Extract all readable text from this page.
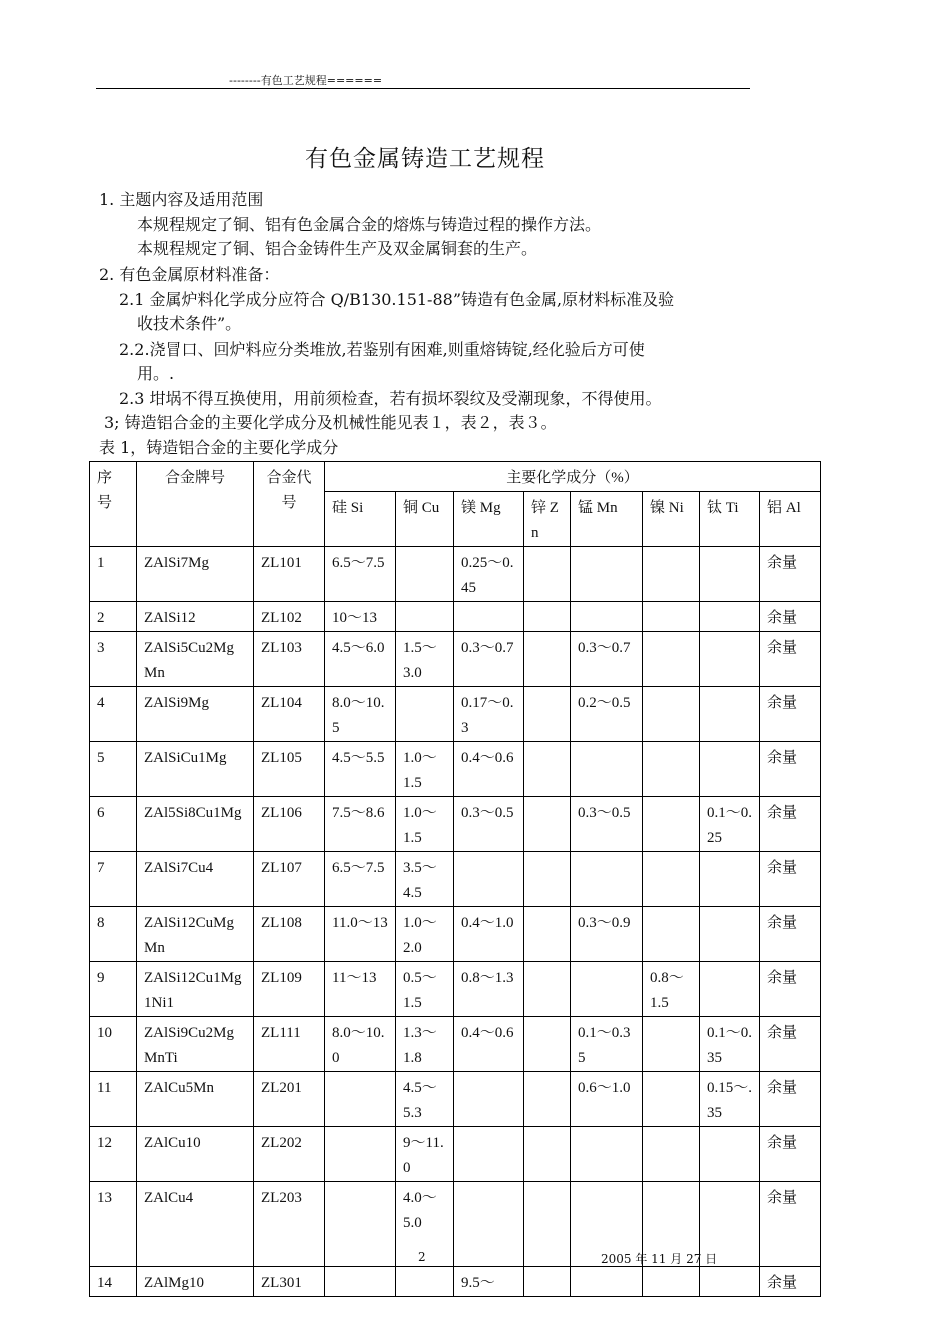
--------有色工艺规程======
有色金属铸造工艺规程
1. 主题内容及适用范围
本规程规定了铜、铝有色金属合金的熔炼与铸造过程的操作方法。
本规程规定了铜、铝合金铸件生产及双金属铜套的生产。
2. 有色金属原材料准备：
2.1 金属炉料化学成分应符合 Q/B130.151-88”铸造有色金属,原材料标准及验
收技术条件”。
2.2.浇冒口、回炉料应分类堆放,若鉴别有困难,则重熔铸锭,经化验后方可使
用。.
2.3 坩埚不得互换使用，用前须检查，若有损坏裂纹及受潮现象，不得使用。
3; 铸造铝合金的主要化学成分及机械性能见表１，表２，表３。
表 1，铸造铝合金的主要化学成分
序
号	合金牌号	合金代
号	主要化学成分（%）							
			硅 Si	铜 Cu	镁 Mg	锌 Zn	锰 Mn	镍 Ni	钛 Ti	铝 Al
1	ZAlSi7Mg	ZL101	6.5～7.5		0.25～0.45					余量
2	ZAlSi12	ZL102	10～13							余量
3	ZAlSi5Cu2MgMn	ZL103	4.5～6.0	1.5～3.0	0.3～0.7		0.3～0.7			余量
4	ZAlSi9Mg	ZL104	8.0～10.5		0.17～0.3		0.2～0.5			余量
5	ZAlSiCu1Mg	ZL105	4.5～5.5	1.0～1.5	0.4～0.6					余量
6	ZAl5Si8Cu1Mg	ZL106	7.5～8.6	1.0～1.5	0.3～0.5		0.3～0.5		0.1～0.25	余量
7	ZAlSi7Cu4	ZL107	6.5～7.5	3.5～4.5						余量
8	ZAlSi12CuMgMn	ZL108	11.0～13	1.0～2.0	0.4～1.0		0.3～0.9			余量
9	ZAlSi12Cu1Mg1Ni1	ZL109	11～13	0.5～1.5	0.8～1.3			0.8～1.5		余量
10	ZAlSi9Cu2MgMnTi	ZL111	8.0～10.0	1.3～1.8	0.4～0.6		0.1～0.35		0.1～0.35	余量
11	ZAlCu5Mn	ZL201		4.5～5.3			0.6～1.0		0.15～.35	余量
12	ZAlCu10	ZL202		9～11.0						余量
13	ZAlCu4	ZL203		4.0～5.0						余量
14	ZAlMg10	ZL301			9.5～					余量
2	2005 年 11 月 27 日
